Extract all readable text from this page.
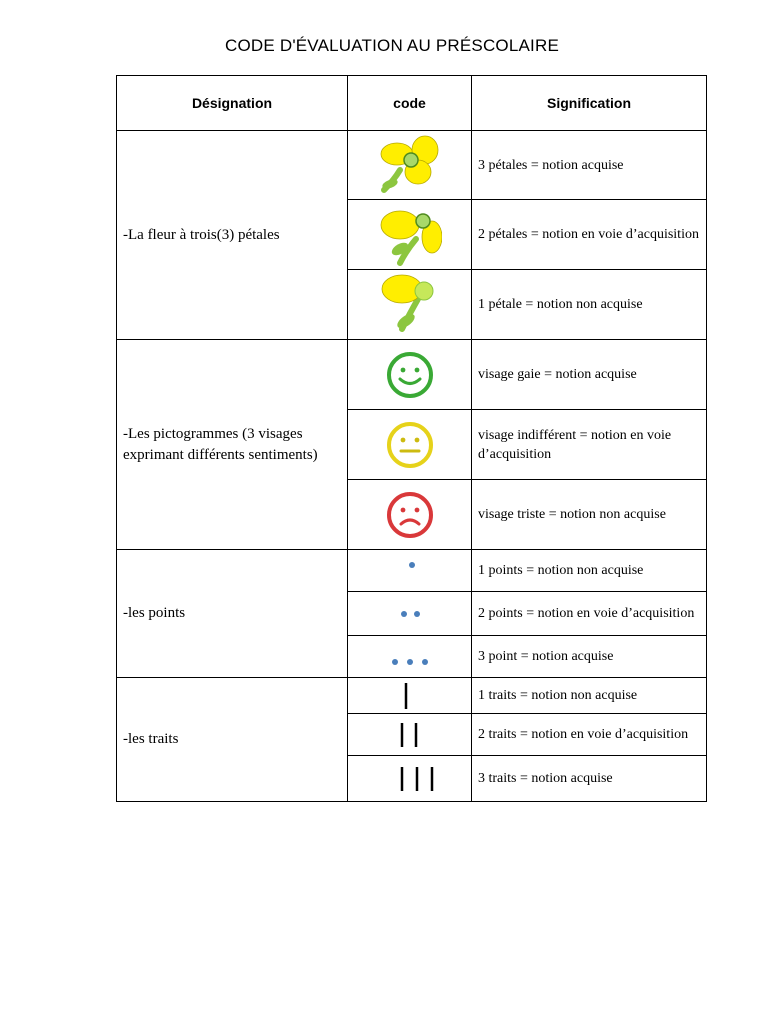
CODE D'ÉVALUATION AU PRÉSCOLAIRE
Désignation	code	Signification
-La fleur à trois(3) pétales		3 pétales = notion acquise

	2 pétales = notion en voie d’acquisition

	1 pétale = notion non acquise
-Les pictogrammes (3 visages exprimant différents sentiments)		visage gaie = notion acquise

	visage indifférent = notion en voie d’acquisition

	visage triste = notion non acquise
-les points		1 points = notion non acquise

	2 points = notion en voie d’acquisition

	3 point = notion acquise
-les traits		1 traits = notion non acquise

	2 traits = notion en voie d’acquisition

	3 traits = notion acquise
